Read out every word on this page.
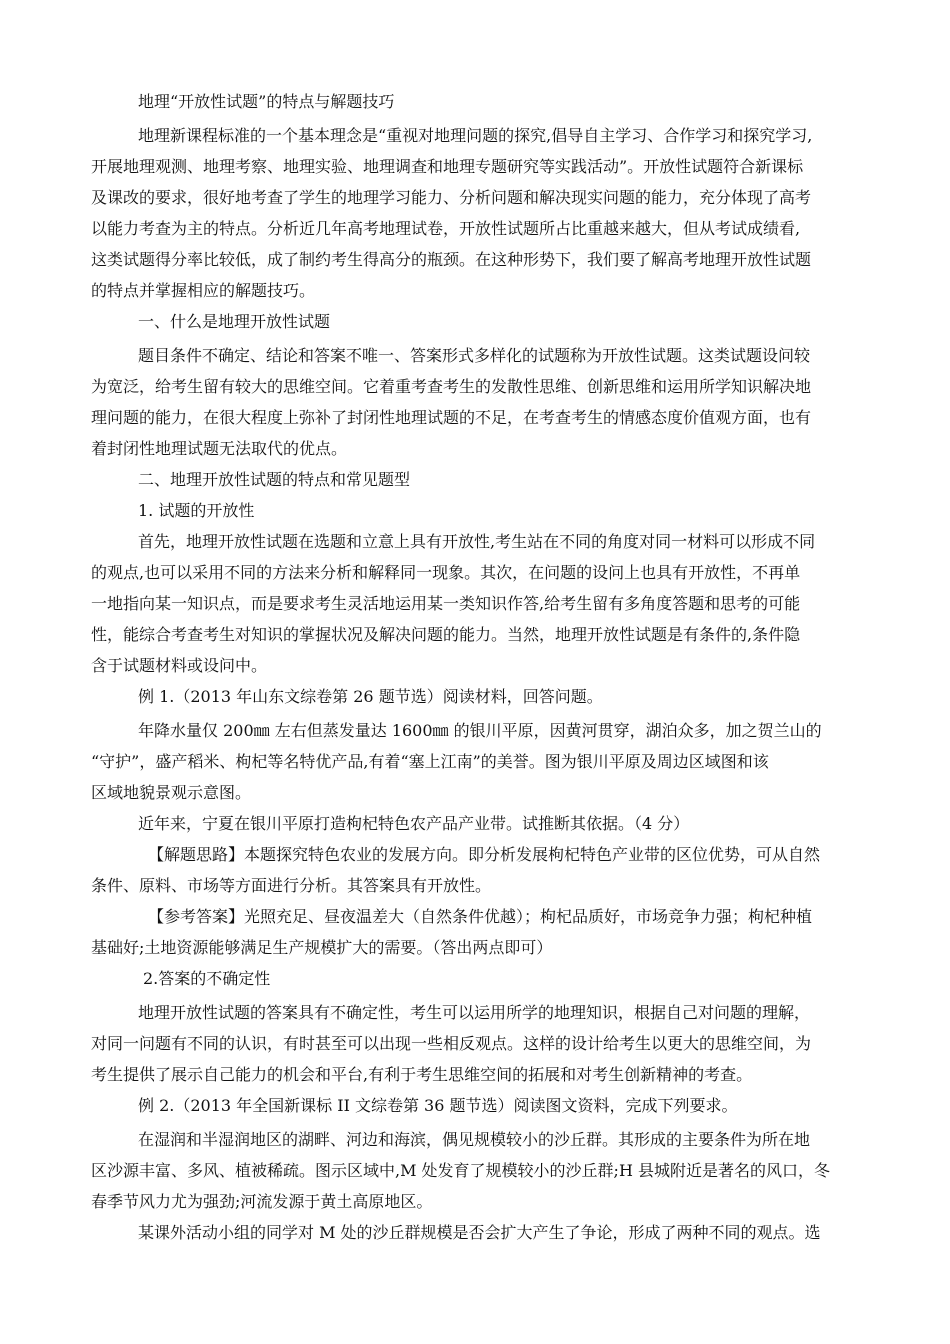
地理“开放性试题”的特点与解题技巧
地理新课程标准的一个基本理念是“重视对地理问题的探究,倡导自主学习、合作学习和探究学习,
开展地理观测、地理考察、地理实验、地理调查和地理专题研究等实践活动”。开放性试题符合新课标
及课改的要求，很好地考查了学生的地理学习能力、分析问题和解决现实问题的能力，充分体现了高考
以能力考查为主的特点。分析近几年高考地理试卷，开放性试题所占比重越来越大，但从考试成绩看,
这类试题得分率比较低，成了制约考生得高分的瓶颈。在这种形势下，我们要了解高考地理开放性试题
的特点并掌握相应的解题技巧。
一、什么是地理开放性试题
题目条件不确定、结论和答案不唯一、答案形式多样化的试题称为开放性试题。这类试题设问较
为宽泛，给考生留有较大的思维空间。它着重考查考生的发散性思维、创新思维和运用所学知识解决地
理问题的能力，在很大程度上弥补了封闭性地理试题的不足，在考查考生的情感态度价值观方面，也有
着封闭性地理试题无法取代的优点。
二、地理开放性试题的特点和常见题型
1. 试题的开放性
首先，地理开放性试题在选题和立意上具有开放性,考生站在不同的角度对同一材料可以形成不同
的观点,也可以采用不同的方法来分析和解释同一现象。其次，在问题的设问上也具有开放性，不再单
一地指向某一知识点，而是要求考生灵活地运用某一类知识作答,给考生留有多角度答题和思考的可能
性，能综合考查考生对知识的掌握状况及解决问题的能力。当然，地理开放性试题是有条件的,条件隐
含于试题材料或设问中。
例 1.（2013 年山东文综卷第 26 题节选）阅读材料，回答问题。
年降水量仅 200㎜ 左右但蒸发量达 1600㎜ 的银川平原，因黄河贯穿，湖泊众多，加之贺兰山的
“守护”，盛产稻米、枸杞等名特优产品,有着“塞上江南”的美誉。图为银川平原及周边区域图和该
区域地貌景观示意图。
近年来，宁夏在银川平原打造枸杞特色农产品产业带。试推断其依据。（4 分）
【解题思路】本题探究特色农业的发展方向。即分析发展枸杞特色产业带的区位优势，可从自然
条件、原料、市场等方面进行分析。其答案具有开放性。
【参考答案】光照充足、昼夜温差大（自然条件优越）；枸杞品质好，市场竞争力强；枸杞种植
基础好;土地资源能够满足生产规模扩大的需要。（答出两点即可）
2.答案的不确定性
地理开放性试题的答案具有不确定性，考生可以运用所学的地理知识，根据自己对问题的理解，
对同一问题有不同的认识，有时甚至可以出现一些相反观点。这样的设计给考生以更大的思维空间，为
考生提供了展示自己能力的机会和平台,有利于考生思维空间的拓展和对考生创新精神的考查。
例 2.（2013 年全国新课标 II 文综卷第 36 题节选）阅读图文资料，完成下列要求。
在湿润和半湿润地区的湖畔、河边和海滨，偶见规模较小的沙丘群。其形成的主要条件为所在地
区沙源丰富、多风、植被稀疏。图示区域中,M 处发育了规模较小的沙丘群;H 县城附近是著名的风口，冬
春季节风力尤为强劲;河流发源于黄土高原地区。
某课外活动小组的同学对 M 处的沙丘群规模是否会扩大产生了争论，形成了两种不同的观点。选
